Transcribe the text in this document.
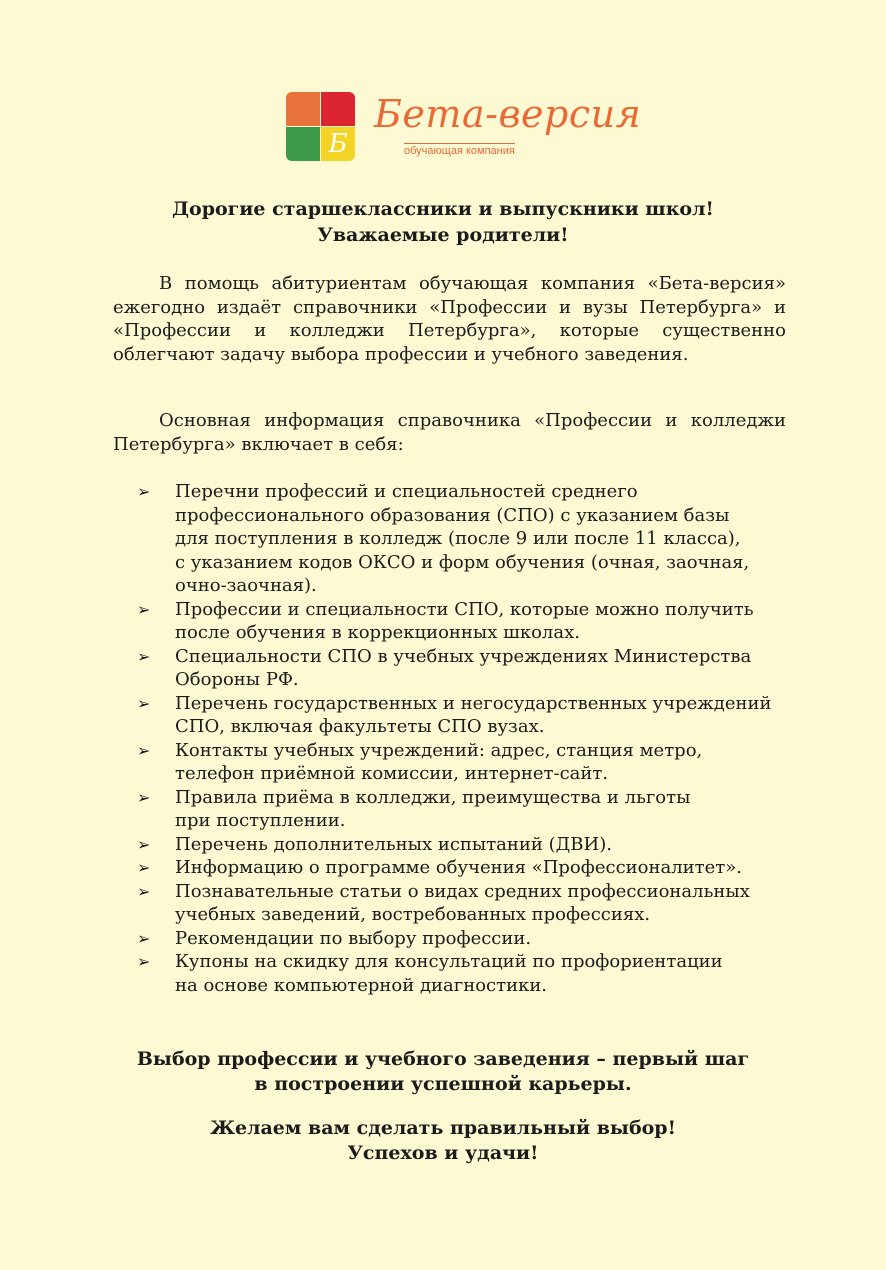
Б
Бета-версия
обучающая компания
Дорогие старшеклассники и выпускники школ!
Уважаемые родители!

В помощь абитуриентам обучающая компания «Бета-версия» ежегодно издаёт справочники «Профессии и вузы Петербурга» и «Профессии и колледжи Петербурга», которые существенно облегчают задачу выбора профессии и учебного заведения.

Основная информация справочника «Профессии и колледжи Петербурга» включает в себя:

➢ Перечни профессий и специальностей среднего
профессионального образования (СПО) с указанием базы
для поступления в колледж (после 9 или после 11 класса),
с указанием кодов ОКСО и форм обучения (очная, заочная,
очно-заочная).
➢ Профессии и специальности СПО, которые можно получить
после обучения в коррекционных школах.
➢ Специальности СПО в учебных учреждениях Министерства
Обороны РФ.
➢ Перечень государственных и негосударственных учреждений
СПО, включая факультеты СПО вузах.
➢ Контакты учебных учреждений: адрес, станция метро,
телефон приёмной комиссии, интернет-сайт.
➢ Правила приёма в колледжи, преимущества и льготы
при поступлении.
➢ Перечень дополнительных испытаний (ДВИ).
➢ Информацию о программе обучения «Профессионалитет».
➢ Познавательные статьи о видах средних профессиональных
учебных заведений, востребованных профессиях.
➢ Рекомендации по выбору профессии.
➢ Купоны на скидку для консультаций по профориентации
на основе компьютерной диагностики.
Выбор профессии и учебного заведения – первый шаг
в построении успешной карьеры.
Желаем вам сделать правильный выбор!
Успехов и удачи!
